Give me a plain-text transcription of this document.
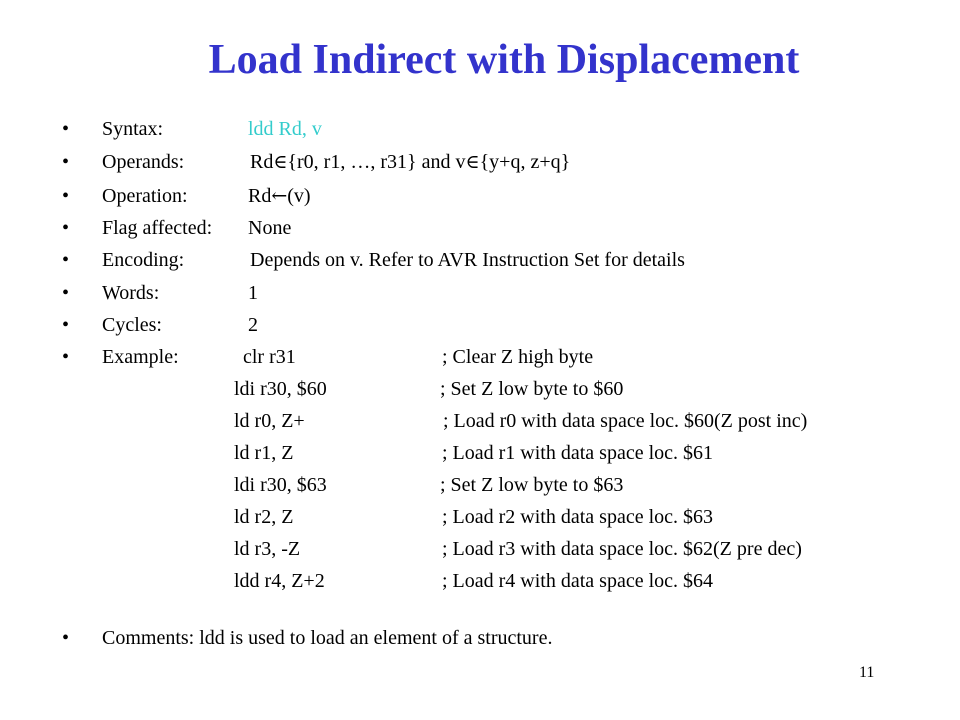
Load Indirect with Displacement
• Syntax:	ldd Rd, v
• Operands:	Rd∈{r0, r1, …, r31} and v∈{y+q, z+q}
• Operation:	Rd←(v)
• Flag affected: None
• Encoding:	Depends on v. Refer to AVR Instruction Set for details
• Words:	1
• Cycles:	2
• Example:	clr r31	; Clear Z high byte
ldi r30, $60	; Set Z low byte to $60
ld r0, Z+	; Load r0 with data space loc. $60(Z post inc)
ld r1, Z	; Load r1 with data space loc. $61
ldi r30, $63	; Set Z low byte to $63
ld r2, Z	; Load r2 with data space loc. $63
ld r3, -Z	; Load r3 with data space loc. $62(Z pre dec)
ldd r4, Z+2	; Load r4 with data space loc. $64
• Comments: ldd is used to load an element of a structure.
11
